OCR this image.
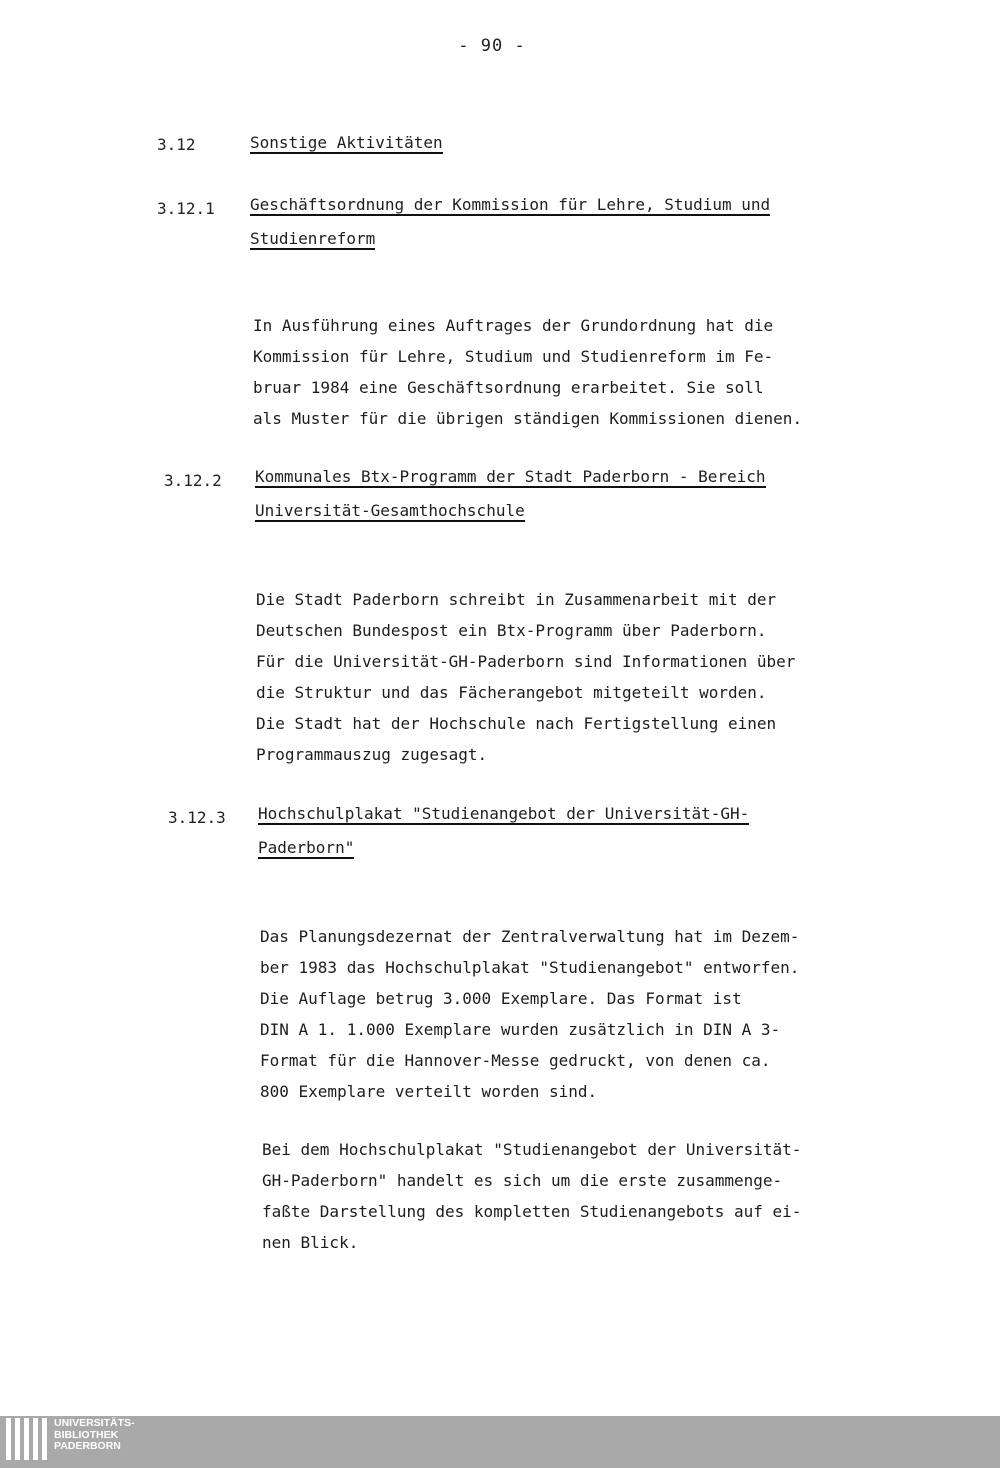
- 90 -
3.12	Sonstige Aktivitäten
3.12.1 Geschäftsordnung der Kommission für Lehre, Studium und
Studienreform

In Ausführung eines Auftrages der Grundordnung hat die
Kommission für Lehre, Studium und Studienreform im Fe-
bruar 1984 eine Geschäftsordnung erarbeitet. Sie soll
als Muster für die übrigen ständigen Kommissionen dienen.
3.12.2 Kommunales Btx-Programm der Stadt Paderborn - Bereich
Universität-Gesamthochschule

Die Stadt Paderborn schreibt in Zusammenarbeit mit der
Deutschen Bundespost ein Btx-Programm über Paderborn.
Für die Universität-GH-Paderborn sind Informationen über
die Struktur und das Fächerangebot mitgeteilt worden.
Die Stadt hat der Hochschule nach Fertigstellung einen
Programmauszug zugesagt.
3.12.3 Hochschulplakat "Studienangebot der Universität-GH-
Paderborn"

Das Planungsdezernat der Zentralverwaltung hat im Dezem-
ber 1983 das Hochschulplakat "Studienangebot" entworfen.
Die Auflage betrug 3.000 Exemplare. Das Format ist
DIN A 1. 1.000 Exemplare wurden zusätzlich in DIN A 3-
Format für die Hannover-Messe gedruckt, von denen ca.
800 Exemplare verteilt worden sind.

Bei dem Hochschulplakat "Studienangebot der Universität-
GH-Paderborn" handelt es sich um die erste zusammenge-
faßte Darstellung des kompletten Studienangebots auf ei-
nen Blick.
UNIVERSITÄTS-
BIBLIOTHEK
PADERBORN
